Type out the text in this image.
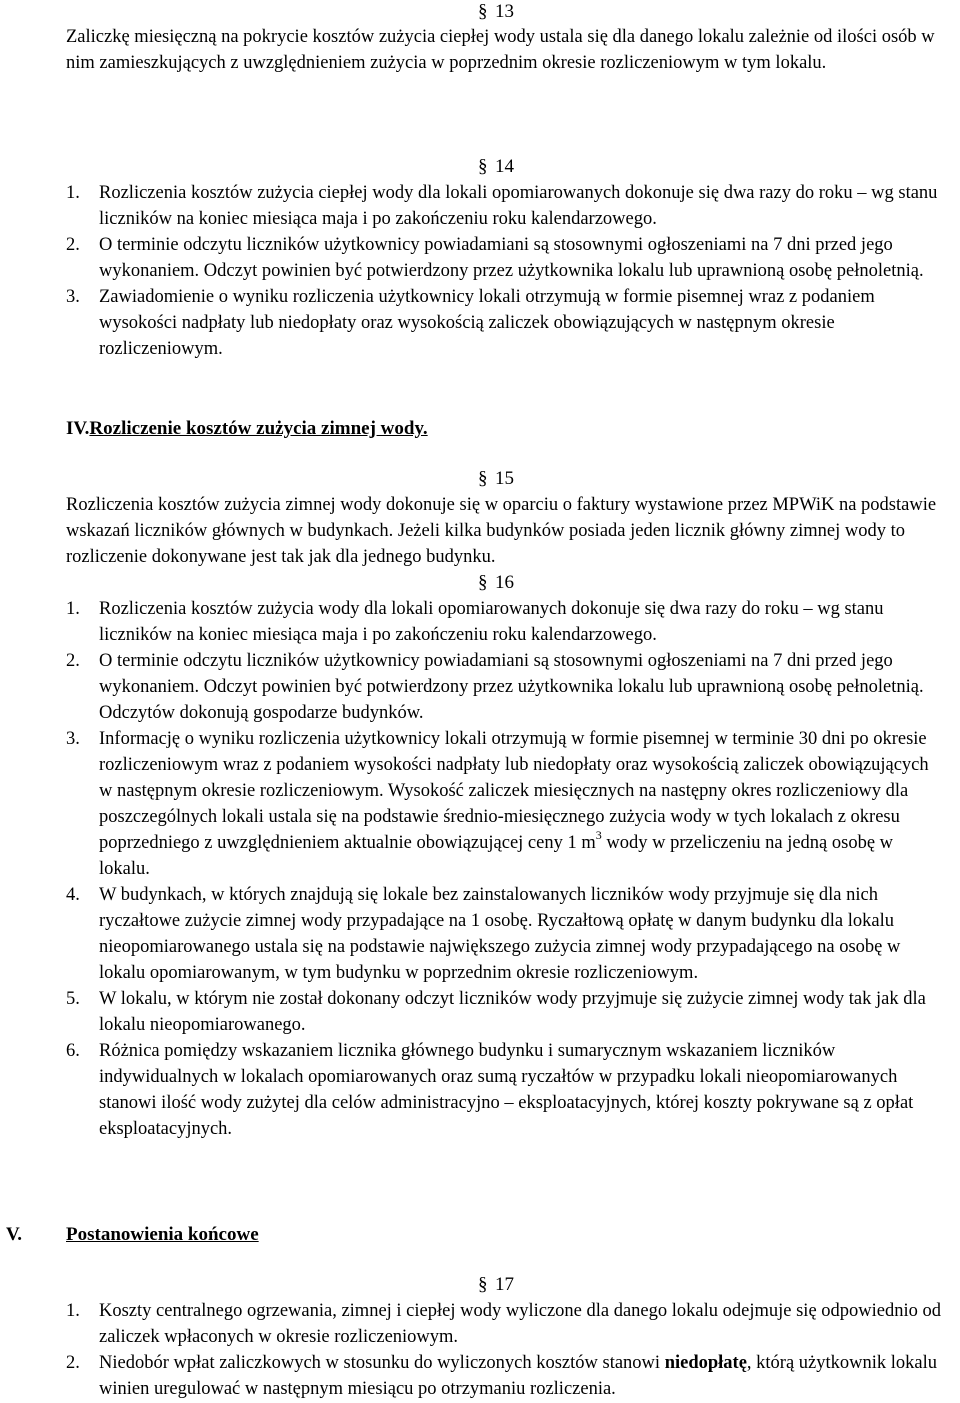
§ 13

Zaliczkę miesięczną na pokrycie kosztów zużycia ciepłej wody ustala się dla danego lokalu zależnie od ilości osób w nim zamieszkujących z uwzględnieniem zużycia w poprzednim okresie rozliczeniowym w tym lokalu.

§ 14
1. Rozliczenia kosztów zużycia ciepłej wody dla lokali opomiarowanych dokonuje się dwa razy do roku – wg stanu liczników na koniec miesiąca maja i po zakończeniu roku kalendarzowego.
2. O terminie odczytu liczników użytkownicy powiadamiani są stosownymi ogłoszeniami na 7 dni przed jego wykonaniem. Odczyt powinien być potwierdzony przez użytkownika lokalu lub uprawnioną osobę pełnoletnią.
3. Zawiadomienie o wyniku rozliczenia użytkownicy lokali otrzymują w formie pisemnej wraz z podaniem wysokości nadpłaty lub niedopłaty oraz wysokością zaliczek obowiązujących w następnym okresie rozliczeniowym.
IV.Rozliczenie kosztów zużycia zimnej wody.
§ 15

Rozliczenia kosztów zużycia zimnej wody dokonuje się w oparciu o faktury wystawione przez MPWiK na podstawie wskazań liczników głównych w budynkach. Jeżeli kilka budynków posiada jeden licznik główny zimnej wody to rozliczenie dokonywane jest tak jak dla jednego budynku.

§ 16
1. Rozliczenia kosztów zużycia wody dla lokali opomiarowanych dokonuje się dwa razy do roku – wg stanu liczników na koniec miesiąca maja i po zakończeniu roku kalendarzowego.
2. O terminie odczytu liczników użytkownicy powiadamiani są stosownymi ogłoszeniami na 7 dni przed jego wykonaniem. Odczyt powinien być potwierdzony przez użytkownika lokalu lub uprawnioną osobę pełnoletnią. Odczytów dokonują gospodarze budynków.
3. Informację o wyniku rozliczenia użytkownicy lokali otrzymują w formie pisemnej w terminie 30 dni po okresie rozliczeniowym wraz z podaniem wysokości nadpłaty lub niedopłaty oraz wysokością zaliczek obowiązujących w następnym okresie rozliczeniowym. Wysokość zaliczek miesięcznych na następny okres rozliczeniowy dla poszczególnych lokali ustala się na podstawie średnio-miesięcznego zużycia wody w tych lokalach z okresu poprzedniego z uwzględnieniem aktualnie obowiązującej ceny 1 $m^3$ wody w przeliczeniu na jedną osobę w lokalu.
4. W budynkach, w których znajdują się lokale bez zainstalowanych liczników wody przyjmuje się dla nich ryczałtowe zużycie zimnej wody przypadające na 1 osobę. Ryczałtową opłatę w danym budynku dla lokalu nieopomiarowanego ustala się na podstawie największego zużycia zimnej wody przypadającego na osobę w lokalu opomiarowanym, w tym budynku w poprzednim okresie rozliczeniowym.
5. W lokalu, w którym nie został dokonany odczyt liczników wody przyjmuje się zużycie zimnej wody tak jak dla lokalu nieopomiarowanego.
6. Różnica pomiędzy wskazaniem licznika głównego budynku i sumarycznym wskazaniem liczników indywidualnych w lokalach opomiarowanych oraz sumą ryczałtów w przypadku lokali nieopomiarowanych stanowi ilość wody zużytej dla celów administracyjno – eksploatacyjnych, której koszty pokrywane są z opłat eksploatacyjnych.
V. Postanowienia końcowe
§ 17
1. Koszty centralnego ogrzewania, zimnej i ciepłej wody wyliczone dla danego lokalu odejmuje się odpowiednio od zaliczek wpłaconych w okresie rozliczeniowym.
2. Niedobór wpłat zaliczkowych w stosunku do wyliczonych kosztów stanowi niedopłatę, którą użytkownik lokalu winien uregulować w następnym miesiącu po otrzymaniu rozliczenia.
